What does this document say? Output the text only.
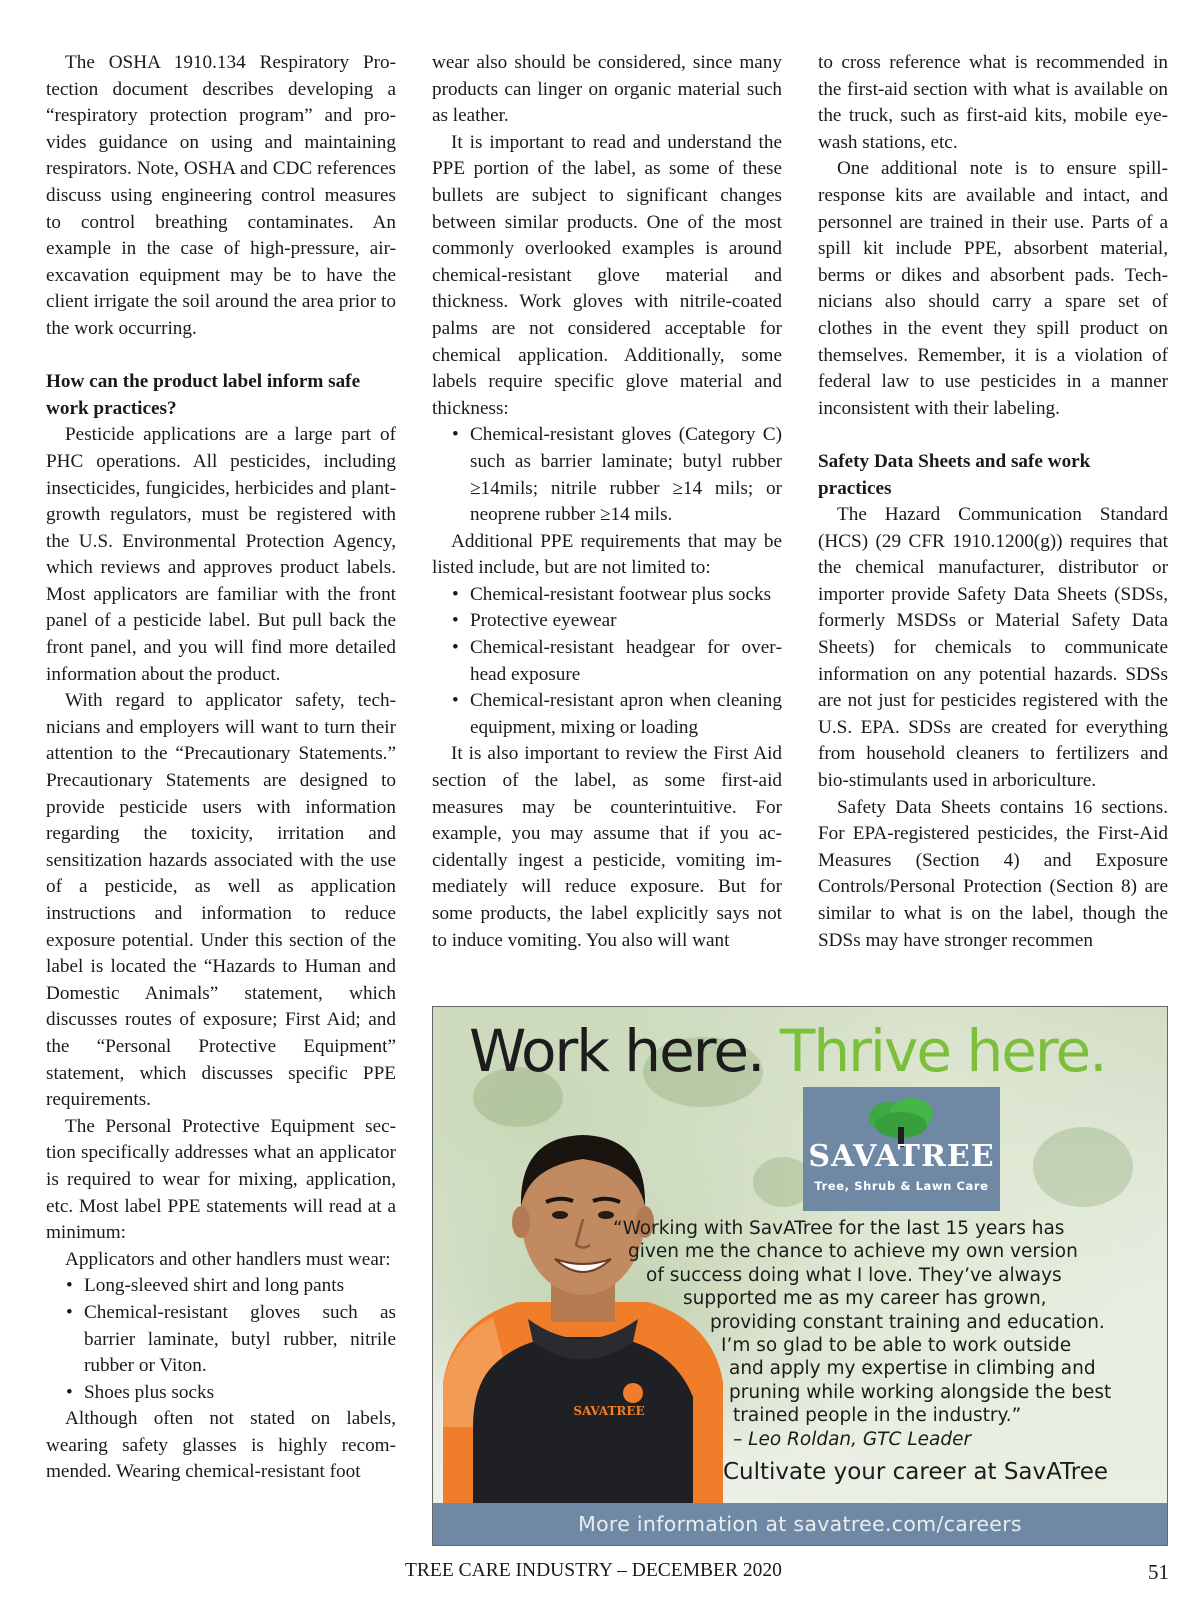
The OSHA 1910.134 Respiratory Protection document describes developing a “respiratory protection program” and provides guidance on using and maintaining respirators. Note, OSHA and CDC references discuss using engineering control measures to control breathing contaminates. An example in the case of high-pressure, air-excavation equipment may be to have the client irrigate the soil around the area prior to the work occurring.

How can the product label inform safe work practices?

Pesticide applications are a large part of PHC operations. All pesticides, including insecticides, fungicides, herbicides and plant-growth regulators, must be registered with the U.S. Environmental Protection Agency, which reviews and approves product labels. Most applicators are familiar with the front panel of a pesticide label. But pull back the front panel, and you will find more detailed information about the product.

With regard to applicator safety, technicians and employers will want to turn their attention to the “Precautionary Statements.” Precautionary Statements are designed to provide pesticide users with information regarding the toxicity, irritation and sensitization hazards associated with the use of a pesticide, as well as application instructions and information to reduce exposure potential. Under this section of the label is located the “Hazards to Human and Domestic Animals” statement, which discusses routes of exposure; First Aid; and the “Personal Protective Equipment” statement, which discusses specific PPE requirements.

The Personal Protective Equipment section specifically addresses what an applicator is required to wear for mixing, application, etc. Most label PPE statements will read at a minimum:

Applicators and other handlers must wear:

• Long-sleeved shirt and long pants
• Chemical-resistant gloves such as barrier laminate, butyl rubber, nitrile rubber or Viton.
• Shoes plus socks

Although often not stated on labels, wearing safety glasses is highly recommended. Wearing chemical-resistant foot

wear also should be considered, since many products can linger on organic material such as leather.

It is important to read and understand the PPE portion of the label, as some of these bullets are subject to significant changes between similar products. One of the most commonly overlooked examples is around chemical-resistant glove material and thickness. Work gloves with nitrile-coated palms are not considered acceptable for chemical application. Additionally, some labels require specific glove material and thickness:

• Chemical-resistant gloves (Category C) such as barrier laminate; butyl rubber ≥14mils; nitrile rubber ≥14 mils; or neoprene rubber ≥14 mils.

Additional PPE requirements that may be listed include, but are not limited to:

• Chemical-resistant footwear plus socks
• Protective eyewear
• Chemical-resistant headgear for overhead exposure
• Chemical-resistant apron when cleaning equipment, mixing or loading

It is also important to review the First Aid section of the label, as some first-aid measures may be counterintuitive. For example, you may assume that if you accidentally ingest a pesticide, vomiting immediately will reduce exposure. But for some products, the label explicitly says not to induce vomiting. You also will want

to cross reference what is recommended in the first-aid section with what is available on the truck, such as first-aid kits, mobile eye-wash stations, etc.

One additional note is to ensure spill-response kits are available and intact, and personnel are trained in their use. Parts of a spill kit include PPE, absorbent material, berms or dikes and absorbent pads. Technicians also should carry a spare set of clothes in the event they spill product on themselves. Remember, it is a violation of federal law to use pesticides in a manner inconsistent with their labeling.

Safety Data Sheets and safe work practices

The Hazard Communication Standard (HCS) (29 CFR 1910.1200(g)) requires that the chemical manufacturer, distributor or importer provide Safety Data Sheets (SDSs, formerly MSDSs or Material Safety Data Sheets) for chemicals to communicate information on any potential hazards. SDSs are not just for pesticides registered with the U.S. EPA. SDSs are created for everything from household cleaners to fertilizers and bio-stimulants used in arboriculture.

Safety Data Sheets contains 16 sections. For EPA-registered pesticides, the First-Aid Measures (Section 4) and Exposure Controls/Personal Protection (Section 8) are similar to what is on the label, though the SDSs may have stronger recommen

Work here. Thrive here.
SAVATREE
SAVATREE
Tree, Shrub & Lawn Care
“Working with SavATree for the last 15 years has
given me the chance to achieve my own version
of success doing what I love. They’ve always
supported me as my career has grown,
providing constant training and education.
I’m so glad to be able to work outside
and apply my expertise in climbing and
pruning while working alongside the best
trained people in the industry.”
– Leo Roldan, GTC Leader
Cultivate your career at SavATree
More information at savatree.com/careers
TREE CARE INDUSTRY – DECEMBER 2020	51
